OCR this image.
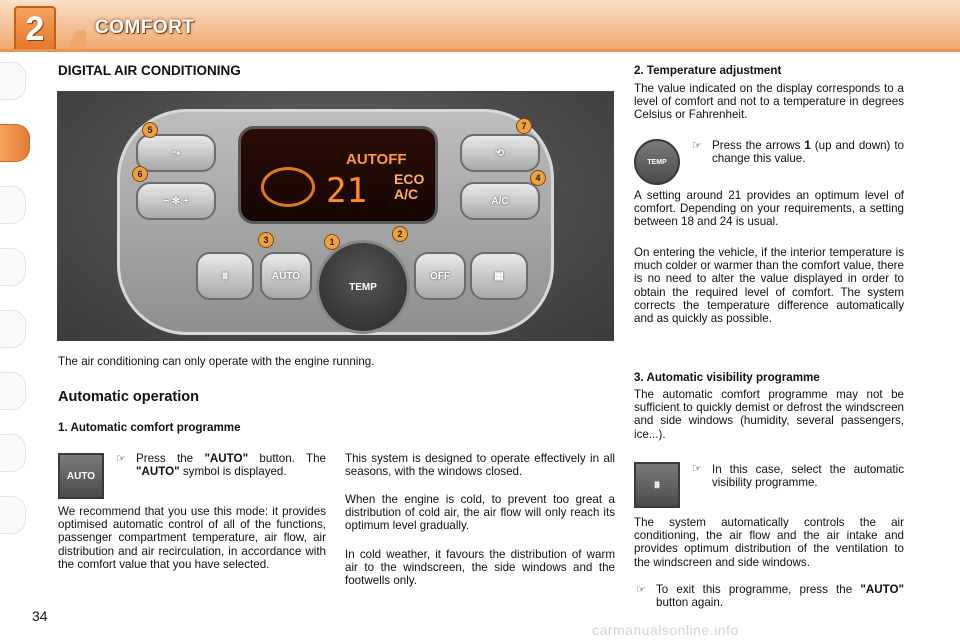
2	COMFORT
DIGITAL AIR CONDITIONING
AUTOFF
21 ECO
A/C
⤳
− ✻ +
⟲
A/C
⩩	AUTO
TEMP
OFF	▦
1
2
3
4
5
6
7
The air conditioning can only operate with the engine running.
Automatic operation
1. Automatic comfort programme
AUTO
☞ Press the "AUTO" button. The "AUTO" symbol is displayed.
We recommend that you use this mode: it provides optimised automatic control of all of the functions, passenger compartment temperature, air flow, air distribution and air recirculation, in accordance with the comfort value that you have selected.
This system is designed to operate effectively in all seasons, with the windows closed.
When the engine is cold, to prevent too great a distribution of cold air, the air flow will only reach its optimum level gradually.
In cold weather, it favours the distribution of warm air to the windscreen, the side windows and the footwells only.
2. Temperature adjustment
The value indicated on the display corresponds to a level of comfort and not to a temperature in degrees Celsius or Fahrenheit.
TEMP
☞ Press the arrows 1 (up and down) to change this value.
A setting around 21 provides an optimum level of comfort. Depending on your requirements, a setting between 18 and 24 is usual.
On entering the vehicle, if the interior temperature is much colder or warmer than the comfort value, there is no need to alter the value displayed in order to obtain the required level of comfort. The system corrects the temperature difference automatically and as quickly as possible.
3. Automatic visibility programme
The automatic comfort programme may not be sufficient to quickly demist or defrost the windscreen and side windows (humidity, several passengers, ice...).
⩩
☞ In this case, select the automatic visibility programme.
The system automatically controls the air conditioning, the air flow and the air intake and provides optimum distribution of the ventilation to the windscreen and side windows.
☞ To exit this programme, press the "AUTO" button again.
34
carmanualsonline.info
